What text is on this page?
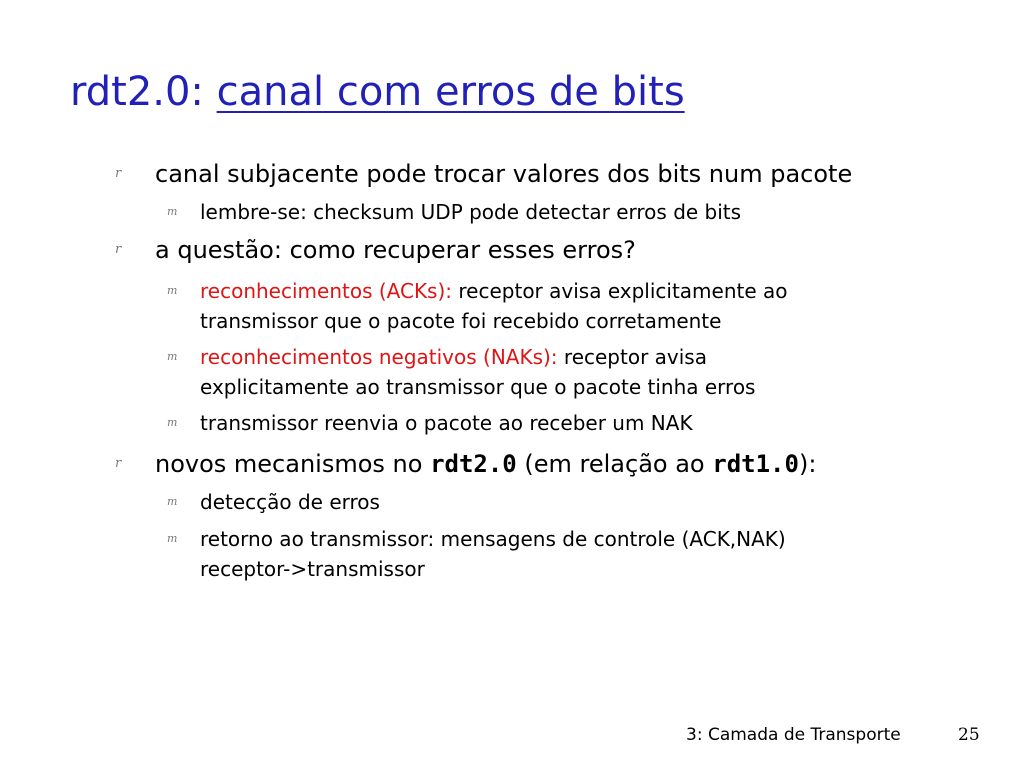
rdt2.0: canal com erros de bits
r canal subjacente pode trocar valores dos bits num pacote
m lembre-se: checksum UDP pode detectar erros de bits
r a questão: como recuperar esses erros?
m reconhecimentos (ACKs): receptor avisa explicitamente ao
transmissor que o pacote foi recebido corretamente
m reconhecimentos negativos (NAKs): receptor avisa
explicitamente ao transmissor que o pacote tinha erros
m transmissor reenvia o pacote ao receber um NAK
r novos mecanismos no rdt2.0 (em relação ao rdt1.0):
m detecção de erros
m retorno ao transmissor: mensagens de controle (ACK,NAK)
receptor->transmissor
3: Camada de Transporte	25
